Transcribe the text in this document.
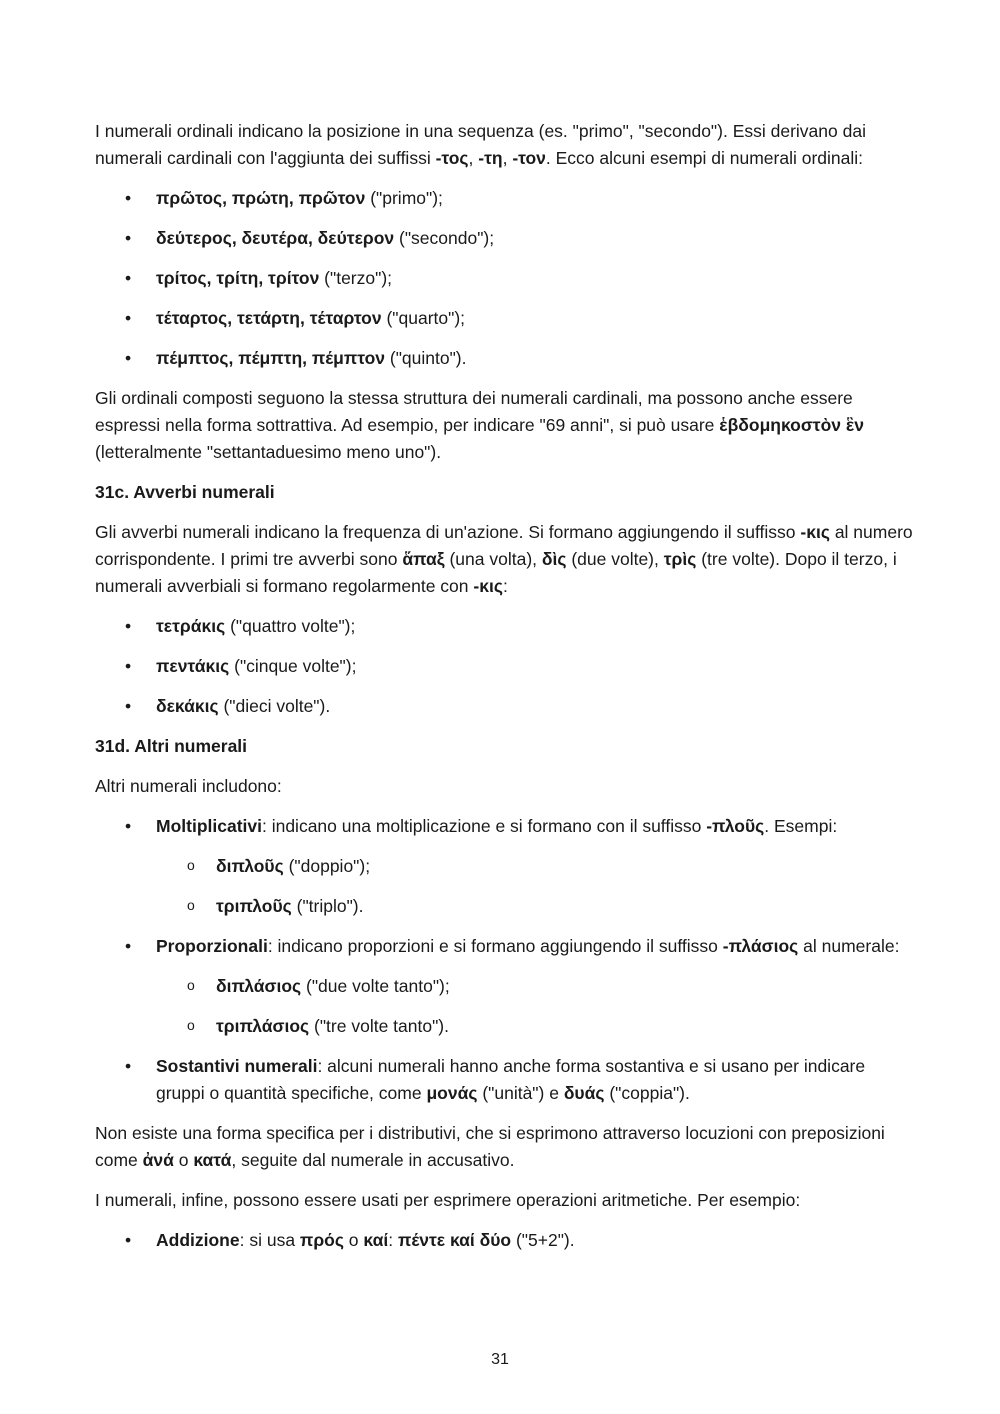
I numerali ordinali indicano la posizione in una sequenza (es. "primo", "secondo"). Essi derivano dai numerali cardinali con l'aggiunta dei suffissi -τος, -τη, -τον. Ecco alcuni esempi di numerali ordinali:

• πρῶτος, πρώτη, πρῶτον ("primo");
• δεύτερος, δευτέρα, δεύτερον ("secondo");
• τρίτος, τρίτη, τρίτον ("terzo");
• τέταρτος, τετάρτη, τέταρτον ("quarto");
• πέμπτος, πέμπτη, πέμπτον ("quinto").

Gli ordinali composti seguono la stessa struttura dei numerali cardinali, ma possono anche essere espressi nella forma sottrattiva. Ad esempio, per indicare "69 anni", si può usare ἑβδομηκοστὸν ἓν (letteralmente "settantaduesimo meno uno").

31c. Avverbi numerali

Gli avverbi numerali indicano la frequenza di un'azione. Si formano aggiungendo il suffisso -κις al numero corrispondente. I primi tre avverbi sono ἅπαξ (una volta), δὶς (due volte), τρὶς (tre volte). Dopo il terzo, i numerali avverbiali si formano regolarmente con -κις:

• τετράκις ("quattro volte");
• πεντάκις ("cinque volte");
• δεκάκις ("dieci volte").
31d. Altri numerali

Altri numerali includono:

• Moltiplicativi: indicano una moltiplicazione e si formano con il suffisso -πλοῦς. Esempi:
o διπλοῦς ("doppio");
o τριπλοῦς ("triplo").
• Proporzionali: indicano proporzioni e si formano aggiungendo il suffisso -πλάσιος al numerale:
o διπλάσιος ("due volte tanto");
o τριπλάσιος ("tre volte tanto").
• Sostantivi numerali: alcuni numerali hanno anche forma sostantiva e si usano per indicare gruppi o quantità specifiche, come μονάς ("unità") e δυάς ("coppia").

Non esiste una forma specifica per i distributivi, che si esprimono attraverso locuzioni con preposizioni come ἀνά o κατά, seguite dal numerale in accusativo.

I numerali, infine, possono essere usati per esprimere operazioni aritmetiche. Per esempio:

• Addizione: si usa πρός o καί: πέντε καί δύο ("5+2").
31
